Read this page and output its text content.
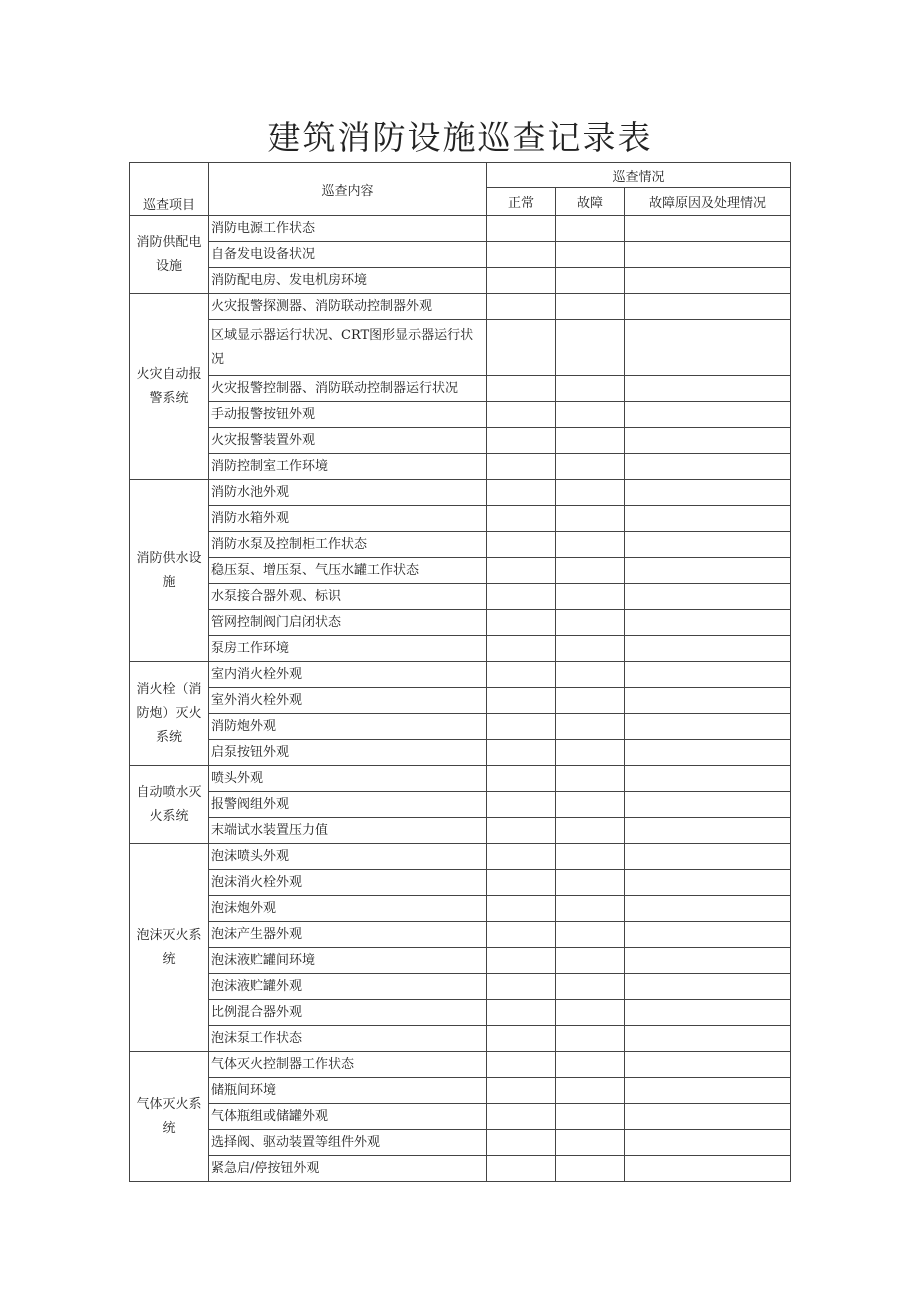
建筑消防设施巡查记录表
巡查项目	巡查内容	巡查情况		
		正常	故障	故障原因及处理情况
消防供配电设施	消防电源工作状态			
	自备发电设备状况			
	消防配电房、发电机房环境			
火灾自动报警系统	火灾报警探测器、消防联动控制器外观			
	区域显示器运行状况、CRT图形显示器运行状况			
	火灾报警控制器、消防联动控制器运行状况			
	手动报警按钮外观			
	火灾报警装置外观			
	消防控制室工作环境			
消防供水设施	消防水池外观			
	消防水箱外观			
	消防水泵及控制柜工作状态			
	稳压泵、增压泵、气压水罐工作状态			
	水泵接合器外观、标识			
	管网控制阀门启闭状态			
	泵房工作环境			
消火栓（消防炮）灭火系统	室内消火栓外观			
	室外消火栓外观			
	消防炮外观			
	启泵按钮外观			
自动喷水灭火系统	喷头外观			
	报警阀组外观			
	末端试水装置压力值			
泡沫灭火系统	泡沫喷头外观			
	泡沫消火栓外观			
	泡沫炮外观			
	泡沫产生器外观			
	泡沫液贮罐间环境			
	泡沫液贮罐外观			
	比例混合器外观			
	泡沫泵工作状态			
气体灭火系统	气体灭火控制器工作状态			
	储瓶间环境			
	气体瓶组或储罐外观			
	选择阀、驱动装置等组件外观			
	紧急启/停按钮外观			
